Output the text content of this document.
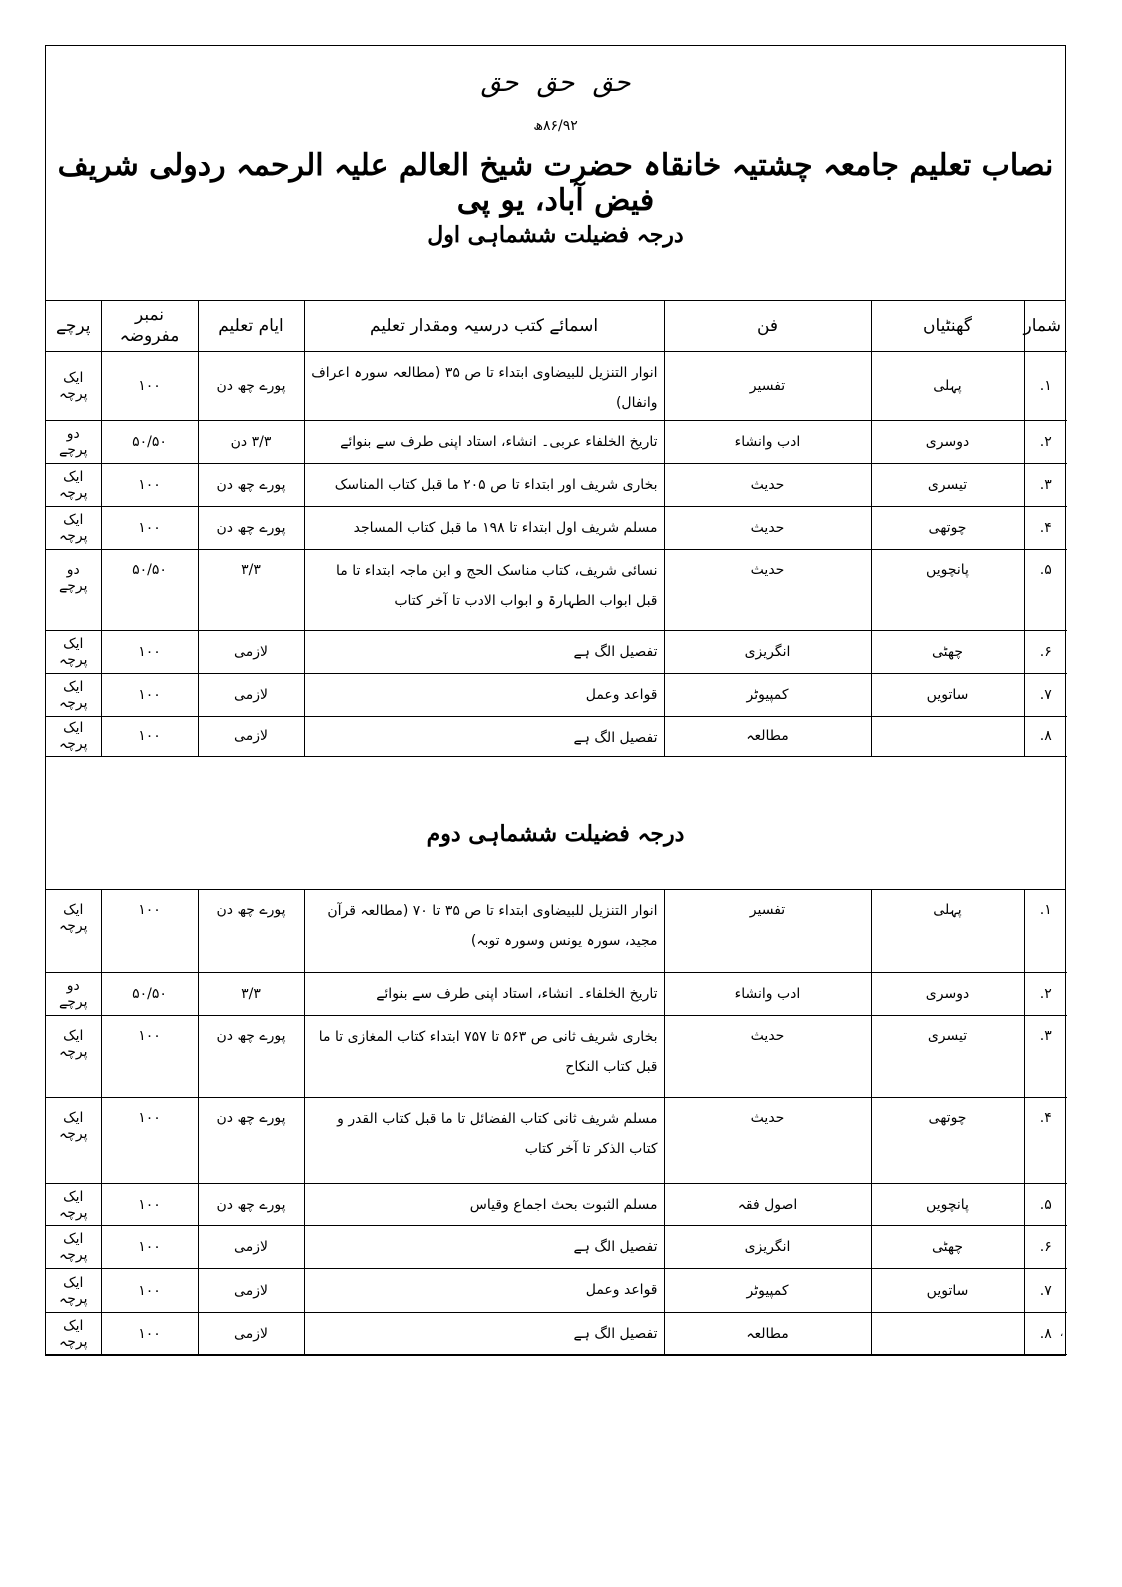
حق حق حق
۸۶/۹۲ھ
نصاب تعلیم جامعہ چشتیہ خانقاہ حضرت شیخ العالم علیہ الرحمہ ردولی شریف فیض آباد، یو پی
درجہ فضیلت ششماہی اول
شمار	گھنٹیاں	فن	اسمائے کتب درسیہ ومقدار تعلیم	ایام تعلیم	نمبر مفروضہ	پرچے
۱.	پہلی	تفسیر	انوار التنزیل للبیضاوی ابتداء تا ص ۳۵ (مطالعہ سورہ اعراف وانفال)	پورے چھ دن	۱۰۰	ایک پرچہ
۲.	دوسری	ادب وانشاء	تاریخ الخلفاء عربی۔ انشاء، استاد اپنی طرف سے بنوائے	۳/۳ دن	۵۰/۵۰	دو پرچے
۳.	تیسری	حدیث	بخاری شریف اور ابتداء تا ص ۲۰۵ ما قبل کتاب المناسک	پورے چھ دن	۱۰۰	ایک پرچہ
۴.	چوتھی	حدیث	مسلم شریف اول ابتداء تا ۱۹۸ ما قبل کتاب المساجد	پورے چھ دن	۱۰۰	ایک پرچہ
۵.	پانچویں	حدیث	نسائی شریف، کتاب مناسک الحج و ابن ماجہ ابتداء تا ما قبل ابواب الطہارۃ و ابواب الادب تا آخر کتاب	۳/۳	۵۰/۵۰	دو پرچے
۶.	چھٹی	انگریزی	تفصیل الگ ہے	لازمی	۱۰۰	ایک پرچہ
۷.	ساتویں	کمپیوٹر	قواعد وعمل	لازمی	۱۰۰	ایک پرچہ
۸.		مطالعہ	تفصیل الگ ہے	لازمی	۱۰۰	ایک پرچہ
درجہ فضیلت ششماہی دوم
۱.	پہلی	تفسیر	انوار التنزیل للبیضاوی ابتداء تا ص ۳۵ تا ۷۰ (مطالعہ قرآن مجید، سورہ یونس وسورہ توبہ)	پورے چھ دن	۱۰۰	ایک پرچہ
۲.	دوسری	ادب وانشاء	تاریخ الخلفاء۔ انشاء، استاد اپنی طرف سے بنوائے	۳/۳	۵۰/۵۰	دو پرچے
۳.	تیسری	حدیث	بخاری شریف ثانی ص ۵۶۳ تا ۷۵۷ ابتداء کتاب المغازی تا ما قبل کتاب النکاح	پورے چھ دن	۱۰۰	ایک پرچہ
۴.	چوتھی	حدیث	مسلم شریف ثانی کتاب الفضائل تا ما قبل کتاب القدر و کتاب الذکر تا آخر کتاب	پورے چھ دن	۱۰۰	ایک پرچہ
۵.	پانچویں	اصول فقہ	مسلم الثبوت بحث اجماع وقیاس	پورے چھ دن	۱۰۰	ایک پرچہ
۶.	چھٹی	انگریزی	تفصیل الگ ہے	لازمی	۱۰۰	ایک پرچہ
۷.	ساتویں	کمپیوٹر	قواعد وعمل	لازمی	۱۰۰	ایک پرچہ
۸.		مطالعہ	تفصیل الگ ہے	لازمی	۱۰۰	ایک پرچہ	،
